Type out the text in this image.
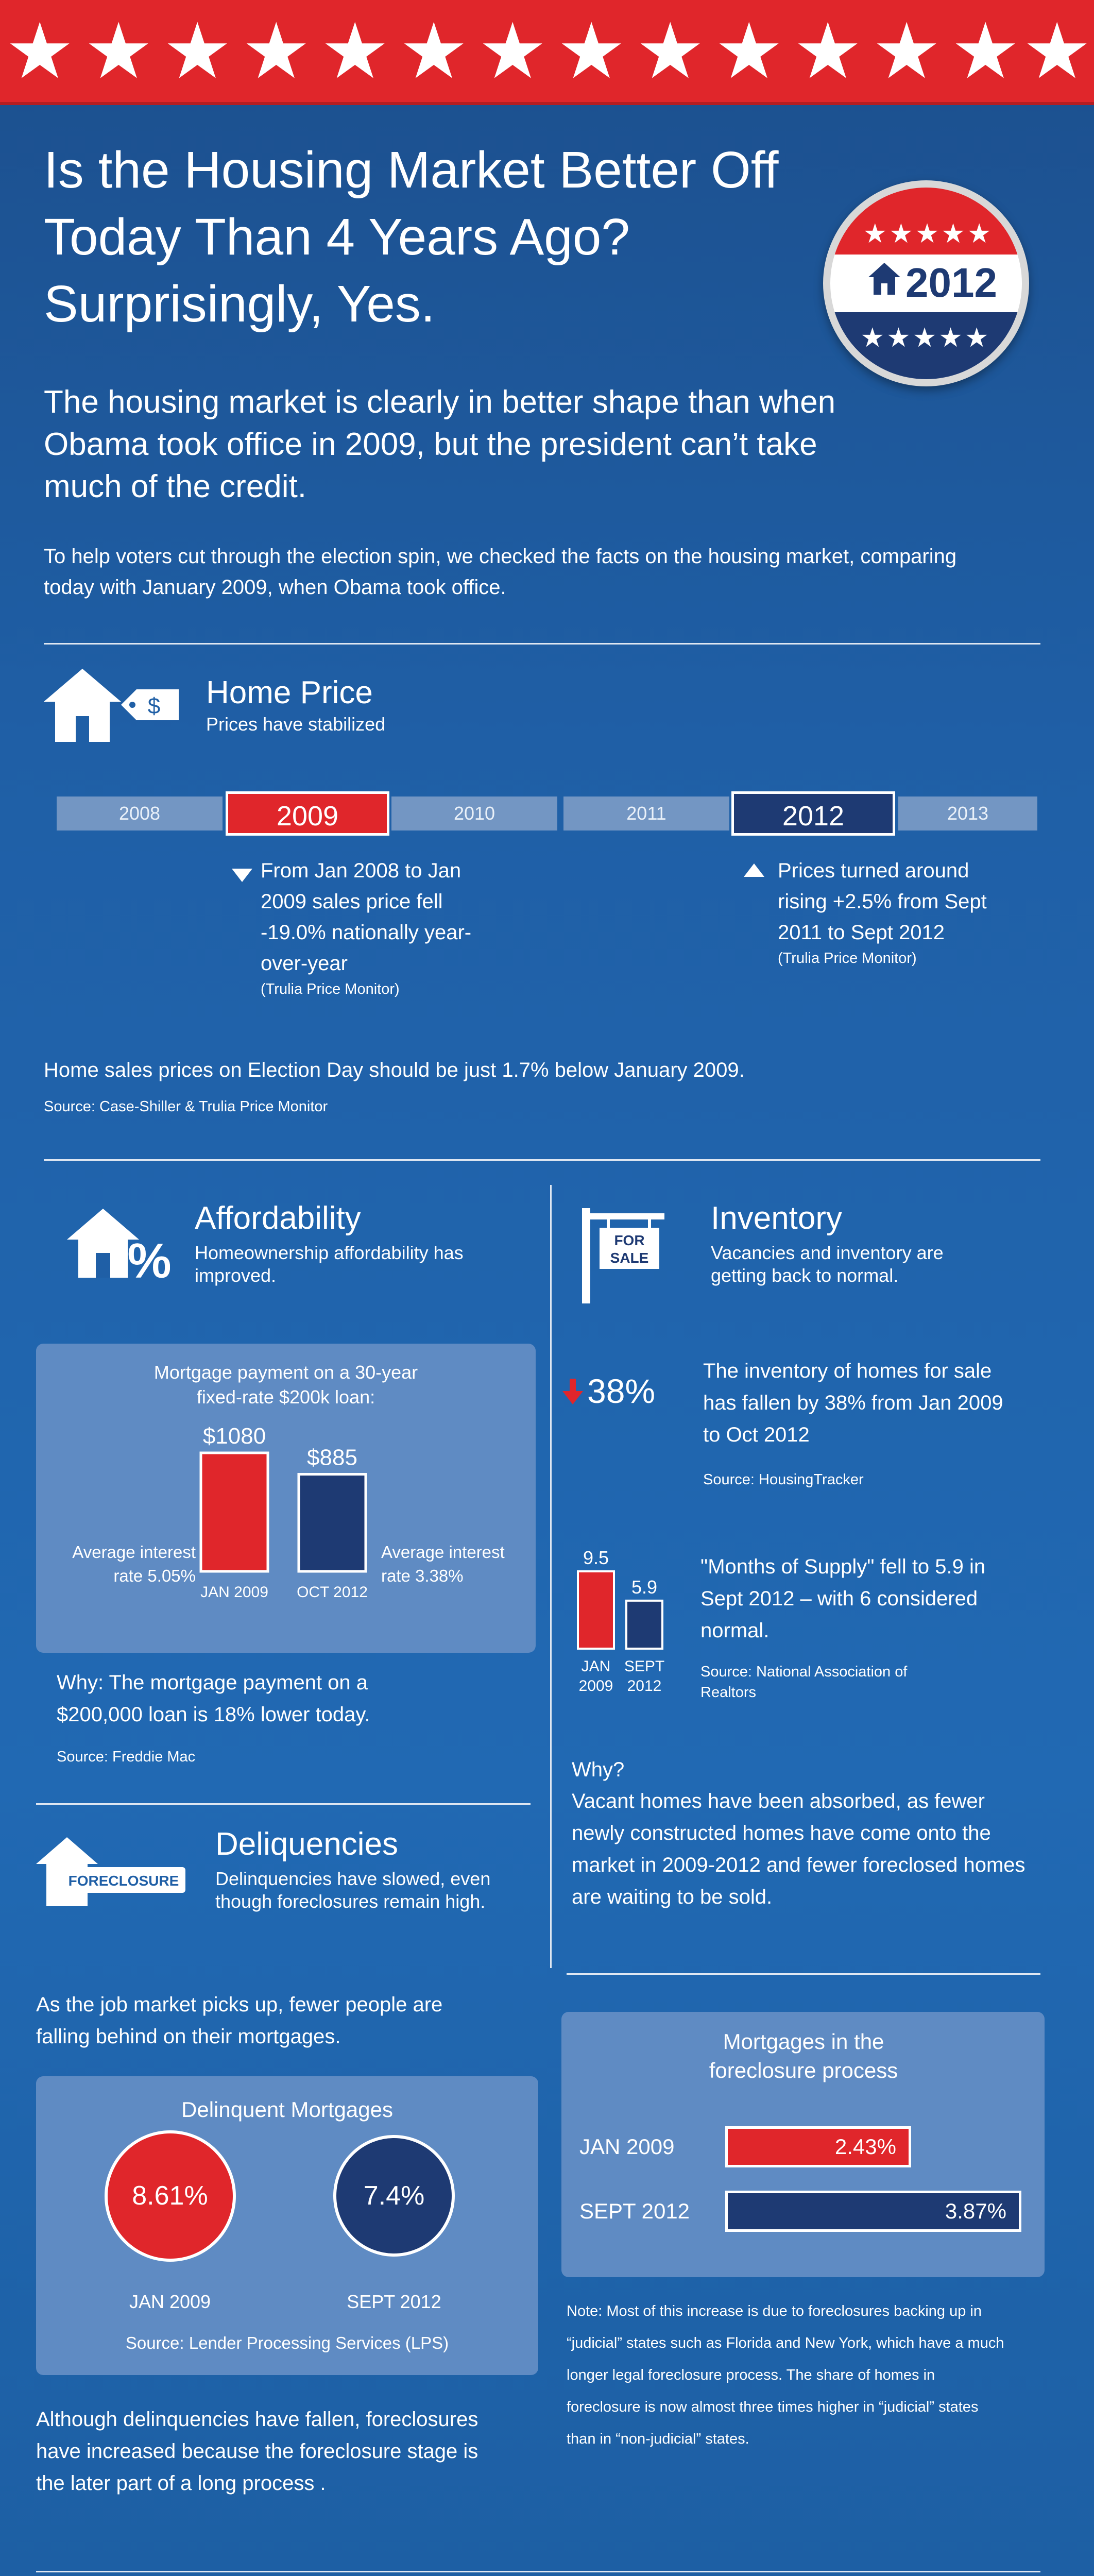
★ ★ ★ ★ ★ ★ ★ ★ ★ ★ ★ ★ ★ ★
Is the Housing Market Better Off
Today Than 4 Years Ago?
Surprisingly, Yes.
★★★★★
★★★★★
2012
The housing market is clearly in better shape than when Obama took office in 2009, but the president can’t take much of the credit.
To help voters cut through the election spin, we checked the facts on the housing market, comparing today with January 2009, when Obama took office.
$ Home Price
Prices have stabilized
2008	2010	2011	2013
2009	2012
From Jan 2008 to Jan 2009 sales price fell -19.0% nationally year-over-year
(Trulia Price Monitor)
Prices turned around rising +2.5% from Sept 2011 to Sept 2012
(Trulia Price Monitor)
Home sales prices on Election Day should be just 1.7% below January 2009.
Source: Case-Shiller & Trulia Price Monitor
%
Affordability
Homeownership affordability has improved.
Mortgage payment on a 30-year fixed-rate $200k loan:
$1080
JAN 2009
$885
OCT 2012
Average interest rate 5.05%
Average interest rate 3.38%
Why: The mortgage payment on a $200,000 loan is 18% lower today.
Source: Freddie Mac
FOR
SALE
Inventory
Vacancies and inventory are getting back to normal.
38%
The inventory of homes for sale has fallen by 38% from Jan 2009 to Oct 2012
Source: HousingTracker
9.5
JAN
2009
5.9
SEPT
2012
"Months of Supply" fell to 5.9 in Sept 2012 – with 6 considered normal.
Source: National Association of Realtors
Why?
Vacant homes have been absorbed, as fewer newly constructed homes have come onto the market in 2009-2012 and fewer foreclosed homes are waiting to be sold.
FORECLOSURE
Deliquencies
Delinquencies have slowed, even though foreclosures remain high.
As the job market picks up, fewer people are falling behind on their mortgages.
Delinquent Mortgages
8.61%
JAN 2009
7.4%
SEPT 2012
Source: Lender Processing Services (LPS)
Although delinquencies have fallen, foreclosures have increased because the foreclosure stage is the later part of a long process .
Mortgages in the foreclosure process
JAN 2009	2.43%
SEPT 2012	3.87%
Note: Most of this increase is due to foreclosures backing up in “judicial” states such as Florida and New York, which have a much longer legal foreclosure process. The share of homes in foreclosure is now almost three times higher in “judicial” states than in “non-judicial” states.
